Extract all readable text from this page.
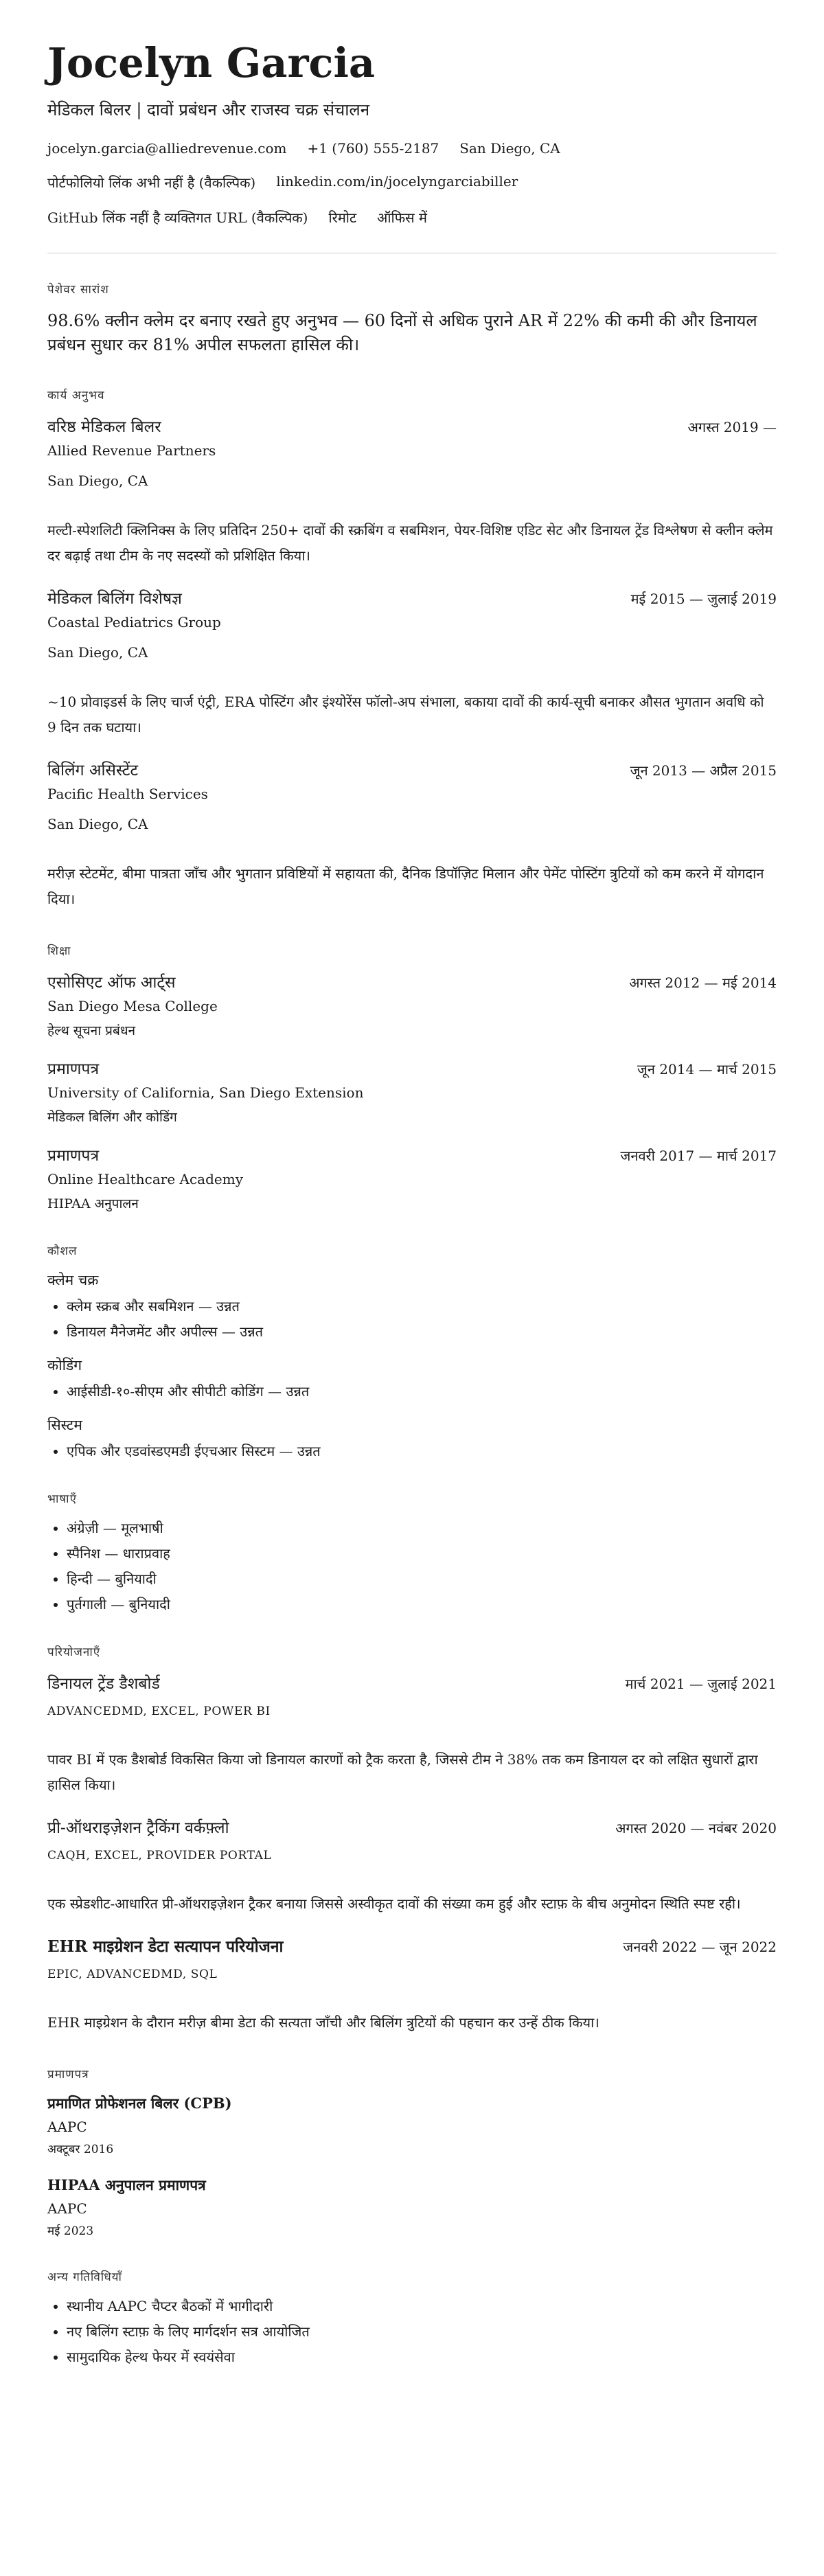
Jocelyn Garcia
मेडिकल बिलर | दावों प्रबंधन और राजस्व चक्र संचालन
jocelyn.garcia@alliedrevenue.com +1 (760) 555-2187 San Diego, CA
पोर्टफोलियो लिंक अभी नहीं है (वैकल्पिक) linkedin.com/in/jocelyngarciabiller
GitHub लिंक नहीं है व्यक्तिगत URL (वैकल्पिक) रिमोट ऑफिस में
पेशेवर सारांश

98.6% क्लीन क्लेम दर बनाए रखते हुए अनुभव — 60 दिनों से अधिक पुराने AR में 22% की कमी की और डिनायल प्रबंधन सुधार कर 81% अपील सफलता हासिल की।

कार्य अनुभव
वरिष्ठ मेडिकल बिलर	अगस्त 2019 —
Allied Revenue Partners
San Diego, CA
मल्टी-स्पेशलिटी क्लिनिक्स के लिए प्रतिदिन 250+ दावों की स्क्रबिंग व सबमिशन, पेयर-विशिष्ट एडिट सेट और डिनायल ट्रेंड विश्लेषण से क्लीन क्लेम दर बढ़ाई तथा टीम के नए सदस्यों को प्रशिक्षित किया।
मेडिकल बिलिंग विशेषज्ञ	मई 2015 — जुलाई 2019
Coastal Pediatrics Group
San Diego, CA
~10 प्रोवाइडर्स के लिए चार्ज एंट्री, ERA पोस्टिंग और इंश्योरेंस फॉलो-अप संभाला, बकाया दावों की कार्य-सूची बनाकर औसत भुगतान अवधि को 9 दिन तक घटाया।
बिलिंग असिस्टेंट	जून 2013 — अप्रैल 2015
Pacific Health Services
San Diego, CA
मरीज़ स्टेटमेंट, बीमा पात्रता जाँच और भुगतान प्रविष्टियों में सहायता की, दैनिक डिपॉज़िट मिलान और पेमेंट पोस्टिंग त्रुटियों को कम करने में योगदान दिया।
शिक्षा
एसोसिएट ऑफ आर्ट्स	अगस्त 2012 — मई 2014
San Diego Mesa College
हेल्थ सूचना प्रबंधन
प्रमाणपत्र	जून 2014 — मार्च 2015
University of California, San Diego Extension
मेडिकल बिलिंग और कोडिंग
प्रमाणपत्र	जनवरी 2017 — मार्च 2017
Online Healthcare Academy
HIPAA अनुपालन
कौशल
क्लेम चक्र
• क्लेम स्क्रब और सबमिशन — उन्नत
• डिनायल मैनेजमेंट और अपील्स — उन्नत
कोडिंग
• आईसीडी-१०-सीएम और सीपीटी कोडिंग — उन्नत
सिस्टम
• एपिक और एडवांस्डएमडी ईएचआर सिस्टम — उन्नत
भाषाएँ
• अंग्रेज़ी — मूलभाषी
• स्पैनिश — धाराप्रवाह
• हिन्दी — बुनियादी
• पुर्तगाली — बुनियादी
परियोजनाएँ
डिनायल ट्रेंड डैशबोर्ड	मार्च 2021 — जुलाई 2021
ADVANCEDMD, EXCEL, POWER BI
पावर BI में एक डैशबोर्ड विकसित किया जो डिनायल कारणों को ट्रैक करता है, जिससे टीम ने 38% तक कम डिनायल दर को लक्षित सुधारों द्वारा हासिल किया।
प्री-ऑथराइज़ेशन ट्रैकिंग वर्कफ़्लो	अगस्त 2020 — नवंबर 2020
CAQH, EXCEL, PROVIDER PORTAL
एक स्प्रेडशीट-आधारित प्री-ऑथराइज़ेशन ट्रैकर बनाया जिससे अस्वीकृत दावों की संख्या कम हुई और स्टाफ़ के बीच अनुमोदन स्थिति स्पष्ट रही।
EHR माइग्रेशन डेटा सत्यापन परियोजना	जनवरी 2022 — जून 2022
EPIC, ADVANCEDMD, SQL
EHR माइग्रेशन के दौरान मरीज़ बीमा डेटा की सत्यता जाँची और बिलिंग त्रुटियों की पहचान कर उन्हें ठीक किया।
प्रमाणपत्र
प्रमाणित प्रोफेशनल बिलर (CPB)
AAPC
अक्टूबर 2016
HIPAA अनुपालन प्रमाणपत्र
AAPC
मई 2023
अन्य गतिविधियाँ
• स्थानीय AAPC चैप्टर बैठकों में भागीदारी
• नए बिलिंग स्टाफ़ के लिए मार्गदर्शन सत्र आयोजित
• सामुदायिक हेल्थ फेयर में स्वयंसेवा
